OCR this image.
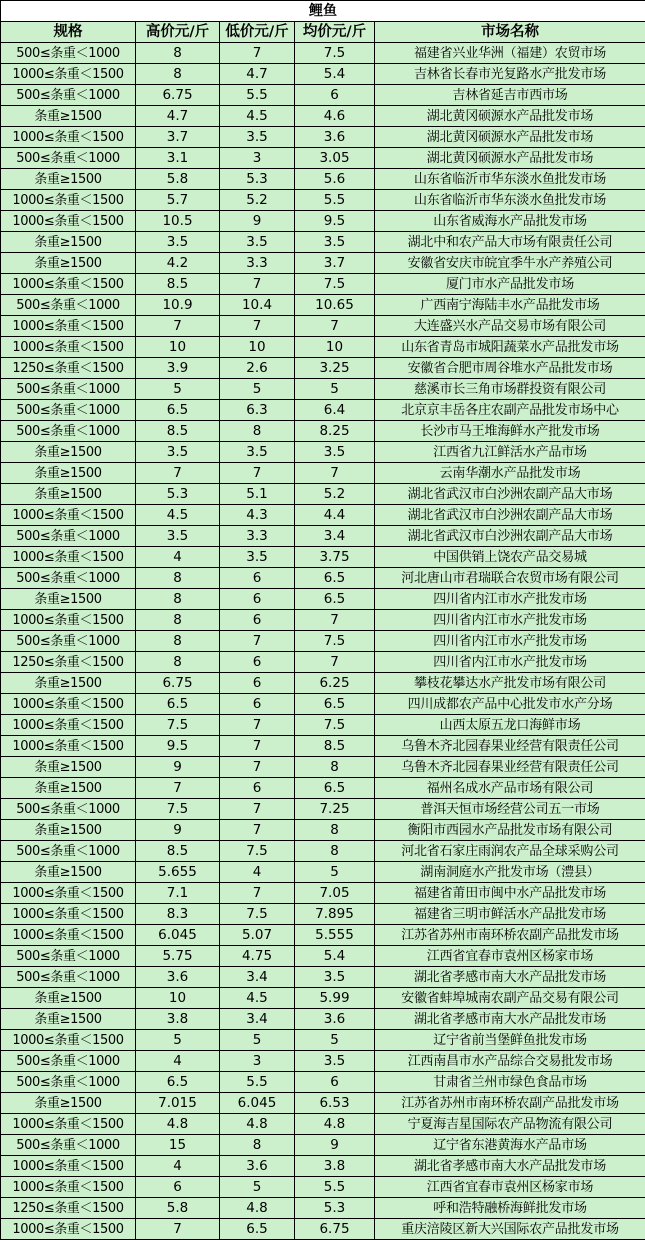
鲤鱼				
规格	高价元/斤	低价元/斤	均价元/斤	市场名称
500≤条重＜1000	8	7	7.5	福建省兴业华洲（福建）农贸市场
1000≤条重＜1500	8	4.7	5.4	吉林省长春市光复路水产批发市场
500≤条重＜1000	6.75	5.5	6	吉林省延吉市西市场
条重≥1500	4.7	4.5	4.6	湖北黄冈硕源水产品批发市场
1000≤条重＜1500	3.7	3.5	3.6	湖北黄冈硕源水产品批发市场
500≤条重＜1000	3.1	3	3.05	湖北黄冈硕源水产品批发市场
条重≥1500	5.8	5.3	5.6	山东省临沂市华东淡水鱼批发市场
1000≤条重＜1500	5.7	5.2	5.5	山东省临沂市华东淡水鱼批发市场
1000≤条重＜1500	10.5	9	9.5	山东省威海水产品批发市场
条重≥1500	3.5	3.5	3.5	湖北中和农产品大市场有限责任公司
条重≥1500	4.2	3.3	3.7	安徽省安庆市皖宜季牛水产养殖公司
1000≤条重＜1500	8.5	7	7.5	厦门市水产品批发市场
500≤条重＜1000	10.9	10.4	10.65	广西南宁海陆丰水产品批发市场
1000≤条重＜1500	7	7	7	大连盛兴水产品交易市场有限公司
1000≤条重＜1500	10	10	10	山东省青岛市城阳蔬菜水产品批发市场
1250≤条重＜1500	3.9	2.6	3.25	安徽省合肥市周谷堆水产品批发市场
500≤条重＜1000	5	5	5	慈溪市长三角市场群投资有限公司
500≤条重＜1000	6.5	6.3	6.4	北京京丰岳各庄农副产品批发市场中心
500≤条重＜1000	8.5	8	8.25	长沙市马王堆海鲜水产批发市场
条重≥1500	3.5	3.5	3.5	江西省九江鲜活水产品市场
条重≥1500	7	7	7	云南华潮水产品批发市场
条重≥1500	5.3	5.1	5.2	湖北省武汉市白沙洲农副产品大市场
1000≤条重＜1500	4.5	4.3	4.4	湖北省武汉市白沙洲农副产品大市场
500≤条重＜1000	3.5	3.3	3.4	湖北省武汉市白沙洲农副产品大市场
1000≤条重＜1500	4	3.5	3.75	中国供销上饶农产品交易城
500≤条重＜1000	8	6	6.5	河北唐山市君瑞联合农贸市场有限公司
条重≥1500	8	6	6.5	四川省内江市水产批发市场
1000≤条重＜1500	8	6	7	四川省内江市水产批发市场
500≤条重＜1000	8	7	7.5	四川省内江市水产批发市场
1250≤条重＜1500	8	6	7	四川省内江市水产批发市场
条重≥1500	6.75	6	6.25	攀枝花攀达水产批发市场有限公司
1000≤条重＜1500	6.5	6	6.5	四川成都农产品中心批发市水产分场
1000≤条重＜1500	7.5	7	7.5	山西太原五龙口海鲜市场
1000≤条重＜1500	9.5	7	8.5	乌鲁木齐北园春果业经营有限责任公司
条重≥1500	9	7	8	乌鲁木齐北园春果业经营有限责任公司
条重≥1500	7	6	6.5	福州名成水产品市场有限公司
500≤条重＜1000	7.5	7	7.25	普洱天恒市场经营公司五一市场
条重≥1500	9	7	8	衡阳市西园水产品批发市场有限公司
500≤条重＜1000	8.5	7.5	8	河北省石家庄雨润农产品全球采购公司
条重≥1500	5.655	4	5	湖南洞庭水产批发市场（澧县）
1000≤条重＜1500	7.1	7	7.05	福建省莆田市闽中水产品批发市场
1000≤条重＜1500	8.3	7.5	7.895	福建省三明市鲜活水产品批发市场
1000≤条重＜1500	6.045	5.07	5.555	江苏省苏州市南环桥农副产品批发市场
500≤条重＜1000	5.75	4.75	5.4	江西省宜春市袁州区杨家市场
500≤条重＜1000	3.6	3.4	3.5	湖北省孝感市南大水产品批发市场
条重≥1500	10	4.5	5.99	安徽省蚌埠城南农副产品交易有限公司
条重≥1500	3.8	3.4	3.6	湖北省孝感市南大水产品批发市场
1000≤条重＜1500	5	5	5	辽宁省前当堡鲜鱼批发市场
500≤条重＜1000	4	3	3.5	江西南昌市水产品综合交易批发市场
500≤条重＜1000	6.5	5.5	6	甘肃省兰州市绿色食品市场
条重≥1500	7.015	6.045	6.53	江苏省苏州市南环桥农副产品批发市场
1000≤条重＜1500	4.8	4.8	4.8	宁夏海吉星国际农产品物流有限公司
500≤条重＜1000	15	8	9	辽宁省东港黄海水产品市场
1000≤条重＜1500	4	3.6	3.8	湖北省孝感市南大水产品批发市场
1000≤条重＜1500	6	5	5.5	江西省宜春市袁州区杨家市场
1250≤条重＜1500	5.8	4.8	5.3	呼和浩特融桥海鲜批发市场
1000≤条重＜1500	7	6.5	6.75	重庆涪陵区新大兴国际农产品批发市场
